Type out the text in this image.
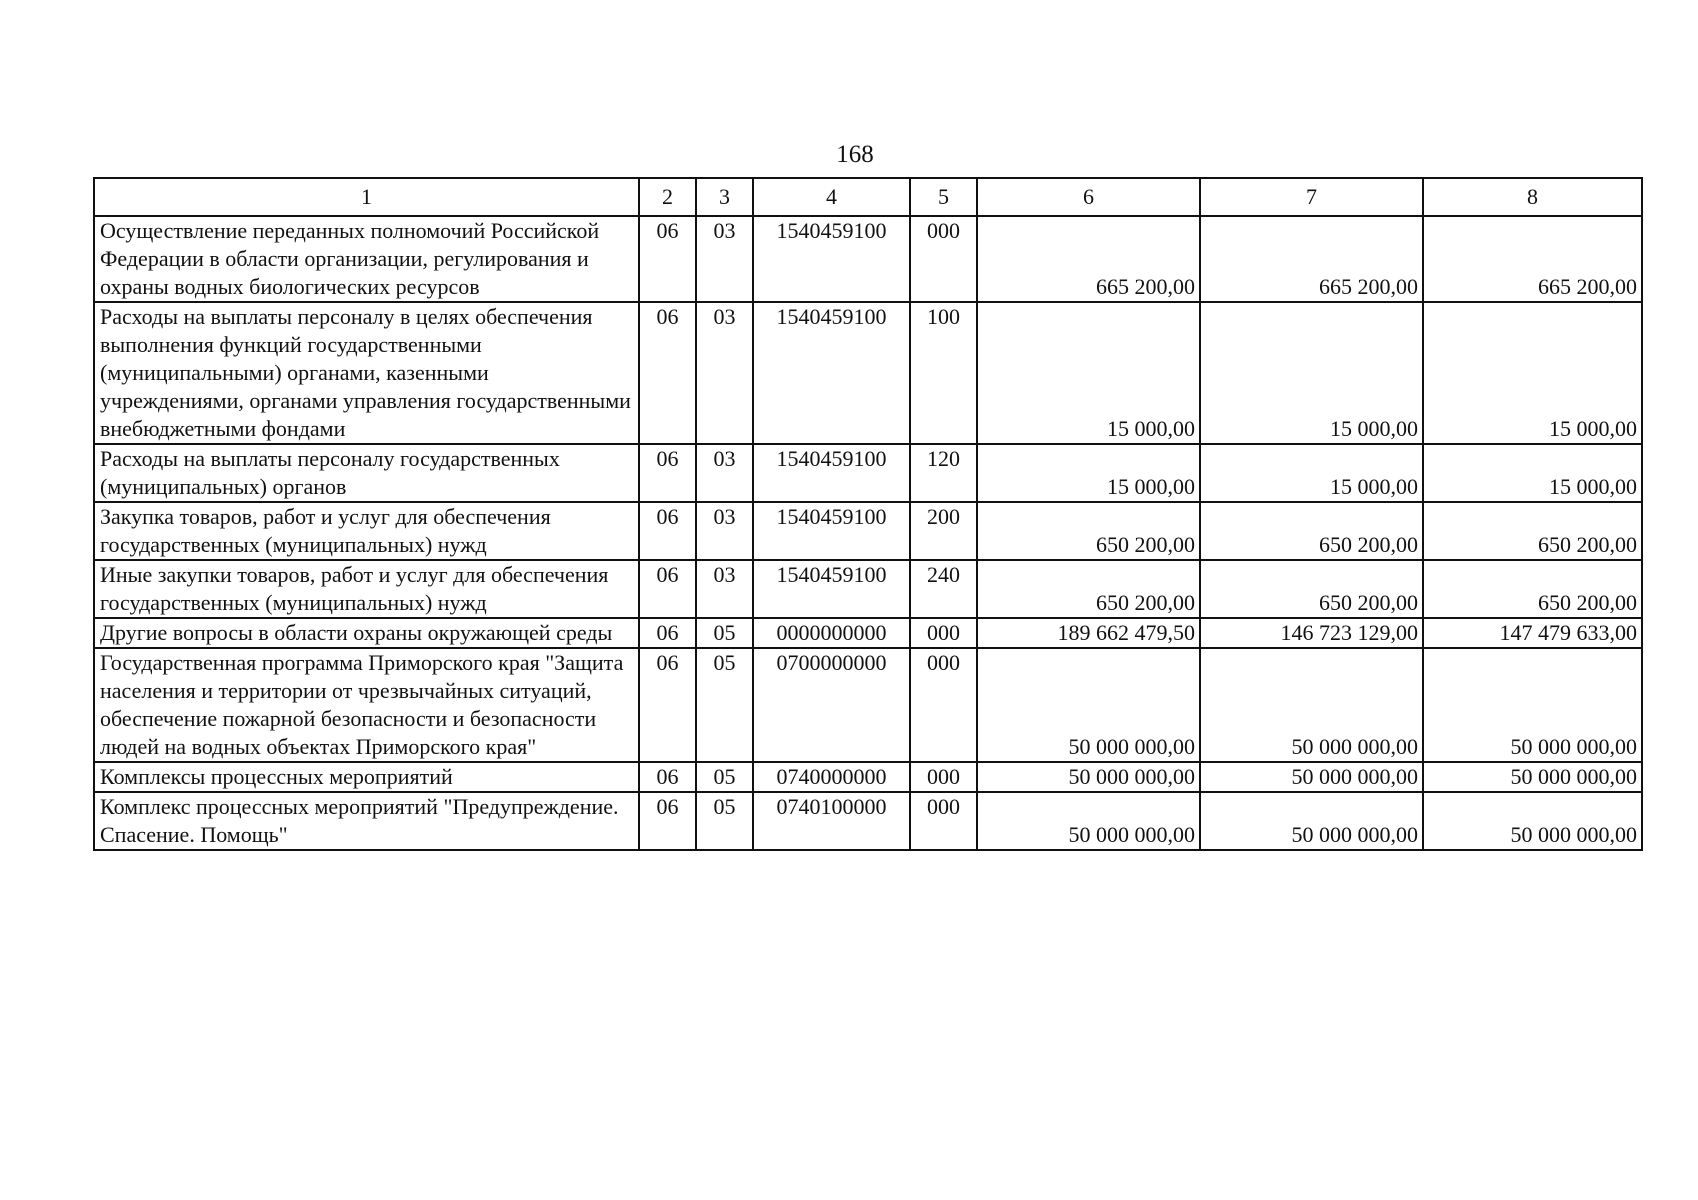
168
1	2	3	4	5	6	7	8
Осуществление переданных полномочий Российской Федерации в области организации, регулирования и охраны водных биологических ресурсов	06	03	1540459100	000	665 200,00	665 200,00	665 200,00
Расходы на выплаты персоналу в целях обеспечения выполнения функций государственными (муниципальными) органами, казенными учреждениями, органами управления государственными внебюджетными фондами	06	03	1540459100	100	15 000,00	15 000,00	15 000,00
Расходы на выплаты персоналу государственных (муниципальных) органов	06	03	1540459100	120	15 000,00	15 000,00	15 000,00
Закупка товаров, работ и услуг для обеспечения государственных (муниципальных) нужд	06	03	1540459100	200	650 200,00	650 200,00	650 200,00
Иные закупки товаров, работ и услуг для обеспечения государственных (муниципальных) нужд	06	03	1540459100	240	650 200,00	650 200,00	650 200,00
Другие вопросы в области охраны окружающей среды	06	05	0000000000	000	189 662 479,50	146 723 129,00	147 479 633,00
Государственная программа Приморского края "Защита населения и территории от чрезвычайных ситуаций, обеспечение пожарной безопасности и безопасности людей на водных объектах Приморского края"	06	05	0700000000	000	50 000 000,00	50 000 000,00	50 000 000,00
Комплексы процессных мероприятий	06	05	0740000000	000	50 000 000,00	50 000 000,00	50 000 000,00
Комплекс процессных мероприятий "Предупреждение. Спасение. Помощь"	06	05	0740100000	000	50 000 000,00	50 000 000,00	50 000 000,00
